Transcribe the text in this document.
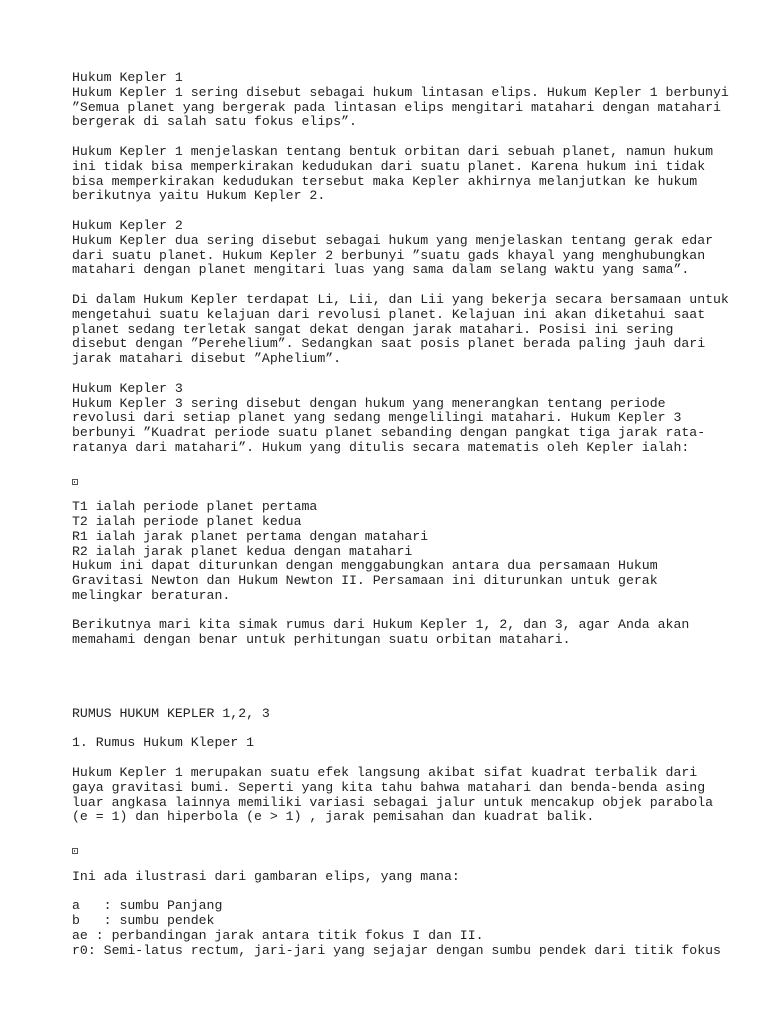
Hukum Kepler 1
Hukum Kepler 1 sering disebut sebagai hukum lintasan elips. Hukum Kepler 1 berbunyi
”Semua planet yang bergerak pada lintasan elips mengitari matahari dengan matahari
bergerak di salah satu fokus elips”.
Hukum Kepler 1 menjelaskan tentang bentuk orbitan dari sebuah planet, namun hukum
ini tidak bisa memperkirakan kedudukan dari suatu planet. Karena hukum ini tidak
bisa memperkirakan kedudukan tersebut maka Kepler akhirnya melanjutkan ke hukum
berikutnya yaitu Hukum Kepler 2.
Hukum Kepler 2
Hukum Kepler dua sering disebut sebagai hukum yang menjelaskan tentang gerak edar
dari suatu planet. Hukum Kepler 2 berbunyi ”suatu gads khayal yang menghubungkan
matahari dengan planet mengitari luas yang sama dalam selang waktu yang sama”.
Di dalam Hukum Kepler terdapat Li, Lii, dan Lii yang bekerja secara bersamaan untuk
mengetahui suatu kelajuan dari revolusi planet. Kelajuan ini akan diketahui saat
planet sedang terletak sangat dekat dengan jarak matahari. Posisi ini sering
disebut dengan ”Perehelium”. Sedangkan saat posis planet berada paling jauh dari
jarak matahari disebut ”Aphelium”.
Hukum Kepler 3
Hukum Kepler 3 sering disebut dengan hukum yang menerangkan tentang periode
revolusi dari setiap planet yang sedang mengelilingi matahari. Hukum Kepler 3
berbunyi ”Kuadrat periode suatu planet sebanding dengan pangkat tiga jarak rata-
ratanya dari matahari”. Hukum yang ditulis secara matematis oleh Kepler ialah:
T1 ialah periode planet pertama
T2 ialah periode planet kedua
R1 ialah jarak planet pertama dengan matahari
R2 ialah jarak planet kedua dengan matahari
Hukum ini dapat diturunkan dengan menggabungkan antara dua persamaan Hukum
Gravitasi Newton dan Hukum Newton II. Persamaan ini diturunkan untuk gerak
melingkar beraturan.
Berikutnya mari kita simak rumus dari Hukum Kepler 1, 2, dan 3, agar Anda akan
memahami dengan benar untuk perhitungan suatu orbitan matahari.
RUMUS HUKUM KEPLER 1,2, 3
1. Rumus Hukum Kleper 1
Hukum Kepler 1 merupakan suatu efek langsung akibat sifat kuadrat terbalik dari
gaya gravitasi bumi. Seperti yang kita tahu bahwa matahari dan benda-benda asing
luar angkasa lainnya memiliki variasi sebagai jalur untuk mencakup objek parabola
(e = 1) dan hiperbola (e > 1) , jarak pemisahan dan kuadrat balik.
Ini ada ilustrasi dari gambaran elips, yang mana:
a   : sumbu Panjang
b   : sumbu pendek
ae : perbandingan jarak antara titik fokus I dan II.
r0: Semi-latus rectum, jari-jari yang sejajar dengan sumbu pendek dari titik fokus
